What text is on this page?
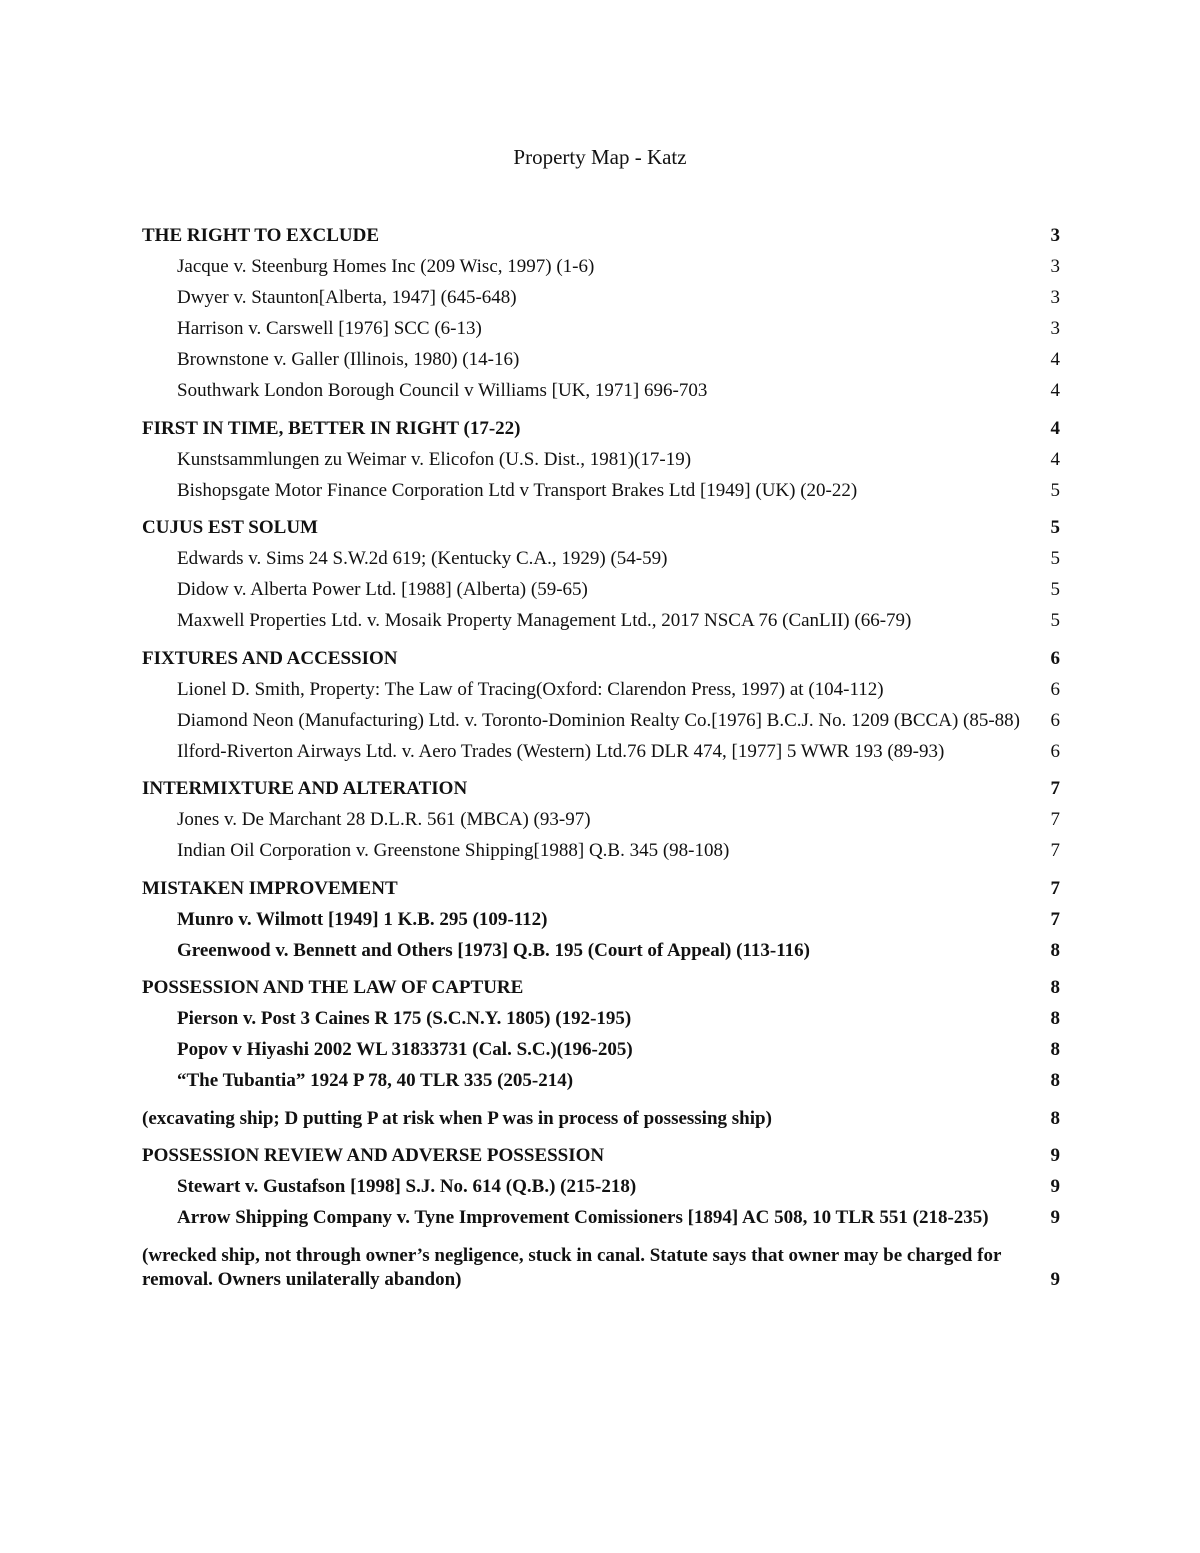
Property Map - Katz
THE RIGHT TO EXCLUDE	3
Jacque v. Steenburg Homes Inc (209 Wisc, 1997) (1-6)	3
Dwyer v. Staunton[Alberta, 1947] (645-648)	3
Harrison v. Carswell [1976] SCC (6-13)	3
Brownstone v. Galler (Illinois, 1980) (14-16)	4
Southwark London Borough Council v Williams [UK, 1971] 696-703	4
FIRST IN TIME, BETTER IN RIGHT (17-22)	4
Kunstsammlungen zu Weimar v. Elicofon (U.S. Dist., 1981)(17-19)	4
Bishopsgate Motor Finance Corporation Ltd v Transport Brakes Ltd [1949] (UK) (20-22)	5
CUJUS EST SOLUM	5
Edwards v. Sims 24 S.W.2d 619; (Kentucky C.A., 1929) (54-59)	5
Didow v. Alberta Power Ltd. [1988] (Alberta) (59-65)	5
Maxwell Properties Ltd. v. Mosaik Property Management Ltd., 2017 NSCA 76 (CanLII) (66-79)	5
FIXTURES AND ACCESSION	6
Lionel D. Smith, Property: The Law of Tracing(Oxford: Clarendon Press, 1997) at (104-112)	6
Diamond Neon (Manufacturing) Ltd. v. Toronto-Dominion Realty Co.[1976] B.C.J. No. 1209 (BCCA) (85-88)	6
Ilford-Riverton Airways Ltd. v. Aero Trades (Western) Ltd.76 DLR 474, [1977] 5 WWR 193 (89-93)	6
INTERMIXTURE AND ALTERATION	7
Jones v. De Marchant 28 D.L.R. 561 (MBCA) (93-97)	7
Indian Oil Corporation v. Greenstone Shipping[1988] Q.B. 345 (98-108)	7
MISTAKEN IMPROVEMENT	7
Munro v. Wilmott [1949] 1 K.B. 295 (109-112)	7
Greenwood v. Bennett and Others [1973] Q.B. 195 (Court of Appeal) (113-116)	8
POSSESSION AND THE LAW OF CAPTURE	8
Pierson v. Post 3 Caines R 175 (S.C.N.Y. 1805) (192-195)	8
Popov v Hiyashi 2002 WL 31833731 (Cal. S.C.)(196-205)	8
“The Tubantia” 1924 P 78, 40 TLR 335 (205-214)	8
(excavating ship; D putting P at risk when P was in process of possessing ship)	8
POSSESSION REVIEW AND ADVERSE POSSESSION	9
Stewart v. Gustafson [1998] S.J. No. 614 (Q.B.) (215-218)	9
Arrow Shipping Company v. Tyne Improvement Comissioners [1894] AC 508, 10 TLR 551 (218-235)	9
(wrecked ship, not through owner’s negligence, stuck in canal. Statute says that owner may be charged for removal. Owners unilaterally abandon)	9
